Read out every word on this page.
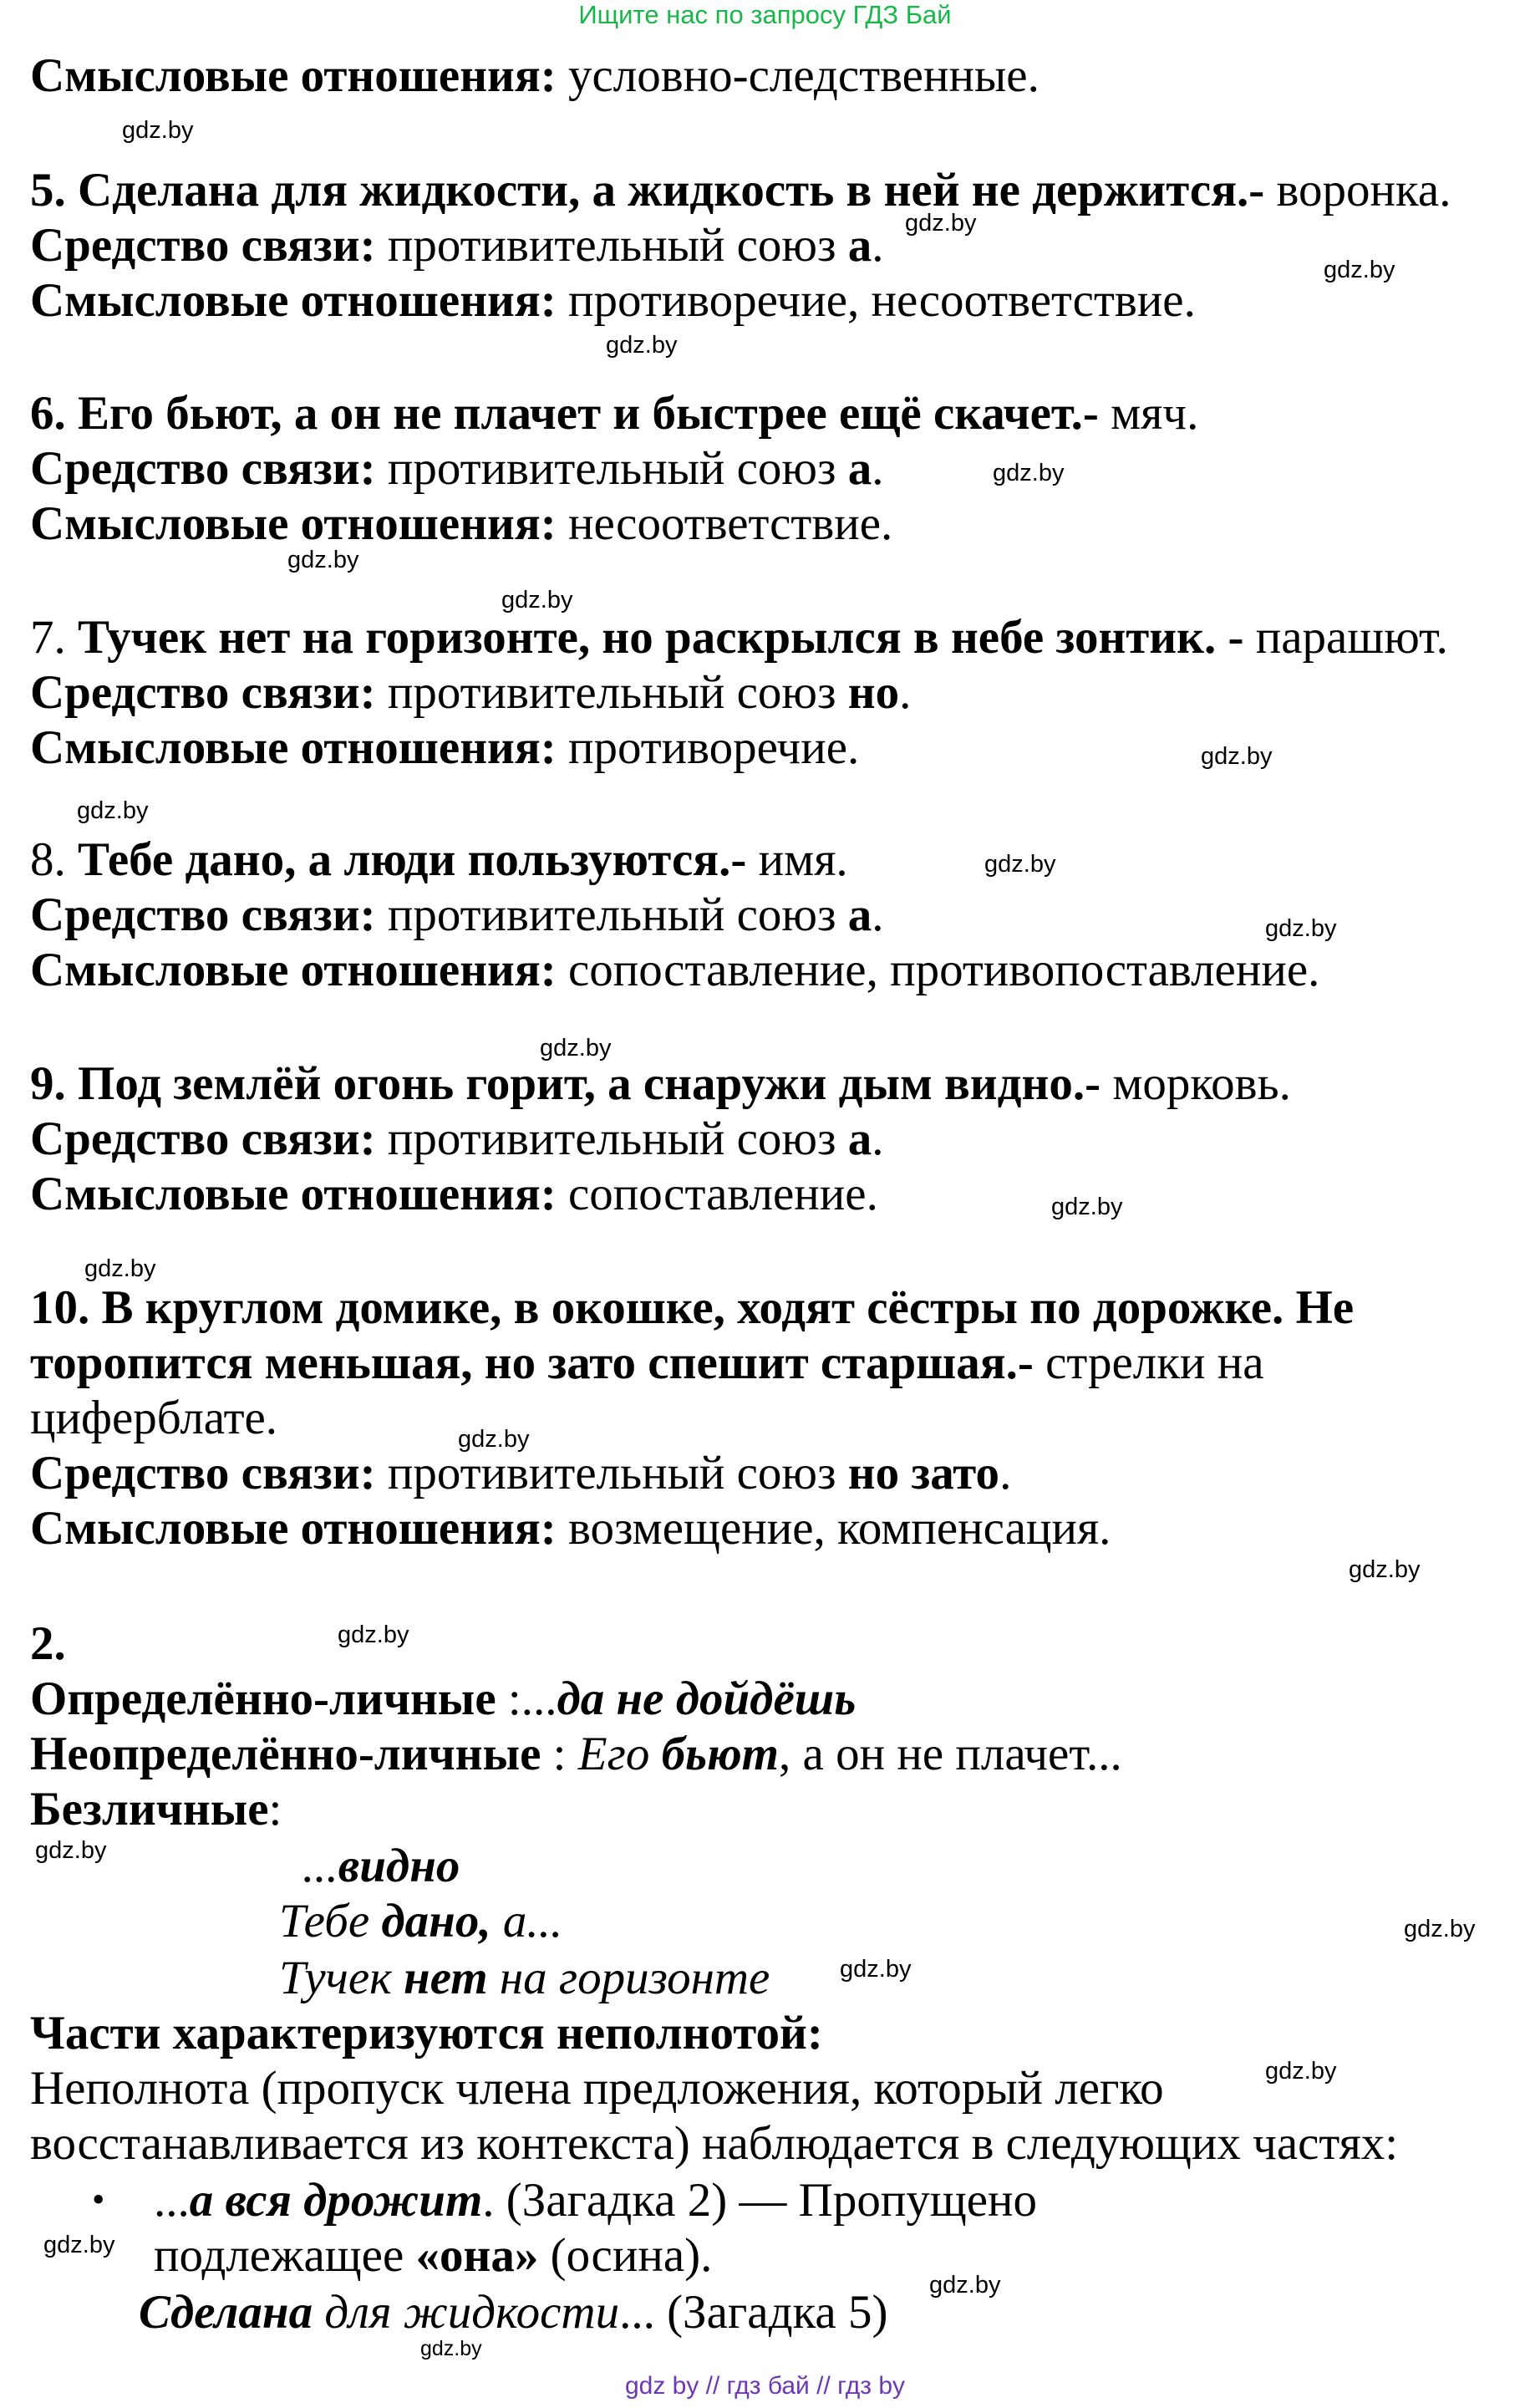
Ищите нас по запросу ГДЗ Бай

Смысловые отношения: условно-следственные.

5. Сделана для жидкости, а жидкость в ней не держится.- воронка.

Средство связи: противительный союз а.

Смысловые отношения: противоречие, несоответствие.

6. Его бьют, а он не плачет и быстрее ещё скачет.- мяч.

Средство связи: противительный союз а.

Смысловые отношения: несоответствие.

7. Тучек нет на горизонте, но раскрылся в небе зонтик. - парашют.

Средство связи: противительный союз но.

Смысловые отношения: противоречие.

8. Тебе дано, а люди пользуются.- имя.

Средство связи: противительный союз а.

Смысловые отношения: сопоставление, противопоставление.

9. Под землёй огонь горит, а снаружи дым видно.- морковь.

Средство связи: противительный союз а.

Смысловые отношения: сопоставление.

10. В круглом домике, в окошке, ходят сёстры по дорожке. Не

торопится меньшая, но зато спешит старшая.- стрелки на

циферблате.

Средство связи: противительный союз но зато.

Смысловые отношения: возмещение, компенсация.

2.

Определённо-личные :...да не дойдёшь

Неопределённо-личные : Его бьют, а он не плачет...

Безличные:

...видно

Тебе дано, а...

Тучек нет на горизонте

Части характеризуются неполнотой:

Неполнота (пропуск члена предложения, который легко

восстанавливается из контекста) наблюдается в следующих частях:

• ...а вся дрожит. (Загадка 2) — Пропущено

подлежащее «она» (осина).

Сделана для жидкости... (Загадка 5)

gdz.by
gdz.by
gdz.by
gdz.by
gdz.by
gdz.by
gdz.by
gdz.by
gdz.by
gdz.by
gdz.by
gdz.by
gdz.by
gdz.by
gdz.by
gdz.by
gdz.by
gdz.by
gdz.by
gdz.by
gdz.by
gdz.by
gdz.by
gdz.by
gdz by // гдз бай // гдз by
